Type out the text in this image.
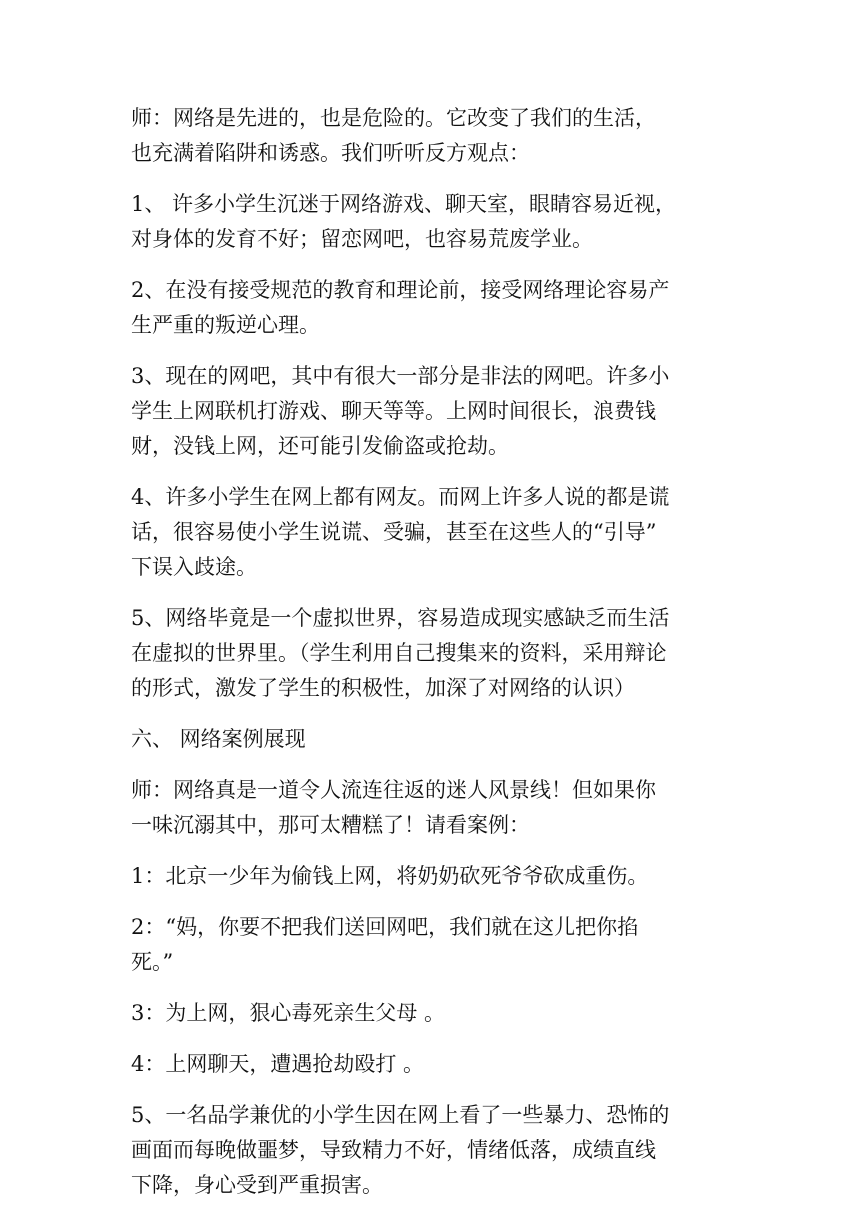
师：网络是先进的，也是危险的。它改变了我们的生活，
也充满着陷阱和诱惑。我们听听反方观点：

1、 许多小学生沉迷于网络游戏、聊天室，眼睛容易近视，
对身体的发育不好；留恋网吧，也容易荒废学业。

2、在没有接受规范的教育和理论前，接受网络理论容易产
生严重的叛逆心理。

3、现在的网吧，其中有很大一部分是非法的网吧。许多小
学生上网联机打游戏、聊天等等。上网时间很长，浪费钱
财，没钱上网，还可能引发偷盗或抢劫。

4、许多小学生在网上都有网友。而网上许多人说的都是谎
话，很容易使小学生说谎、受骗，甚至在这些人的“引导”
下误入歧途。

5、网络毕竟是一个虚拟世界，容易造成现实感缺乏而生活
在虚拟的世界里。（学生利用自己搜集来的资料，采用辩论
的形式，激发了学生的积极性，加深了对网络的认识）

六、 网络案例展现

师：网络真是一道令人流连往返的迷人风景线！但如果你
一味沉溺其中，那可太糟糕了！请看案例：

1：北京一少年为偷钱上网，将奶奶砍死爷爷砍成重伤。

2：“妈，你要不把我们送回网吧，我们就在这儿把你掐
死。”

3：为上网，狠心毒死亲生父母 。

4：上网聊天，遭遇抢劫殴打 。

5、一名品学兼优的小学生因在网上看了一些暴力、恐怖的
画面而每晚做噩梦，导致精力不好，情绪低落，成绩直线
下降，身心受到严重损害。
